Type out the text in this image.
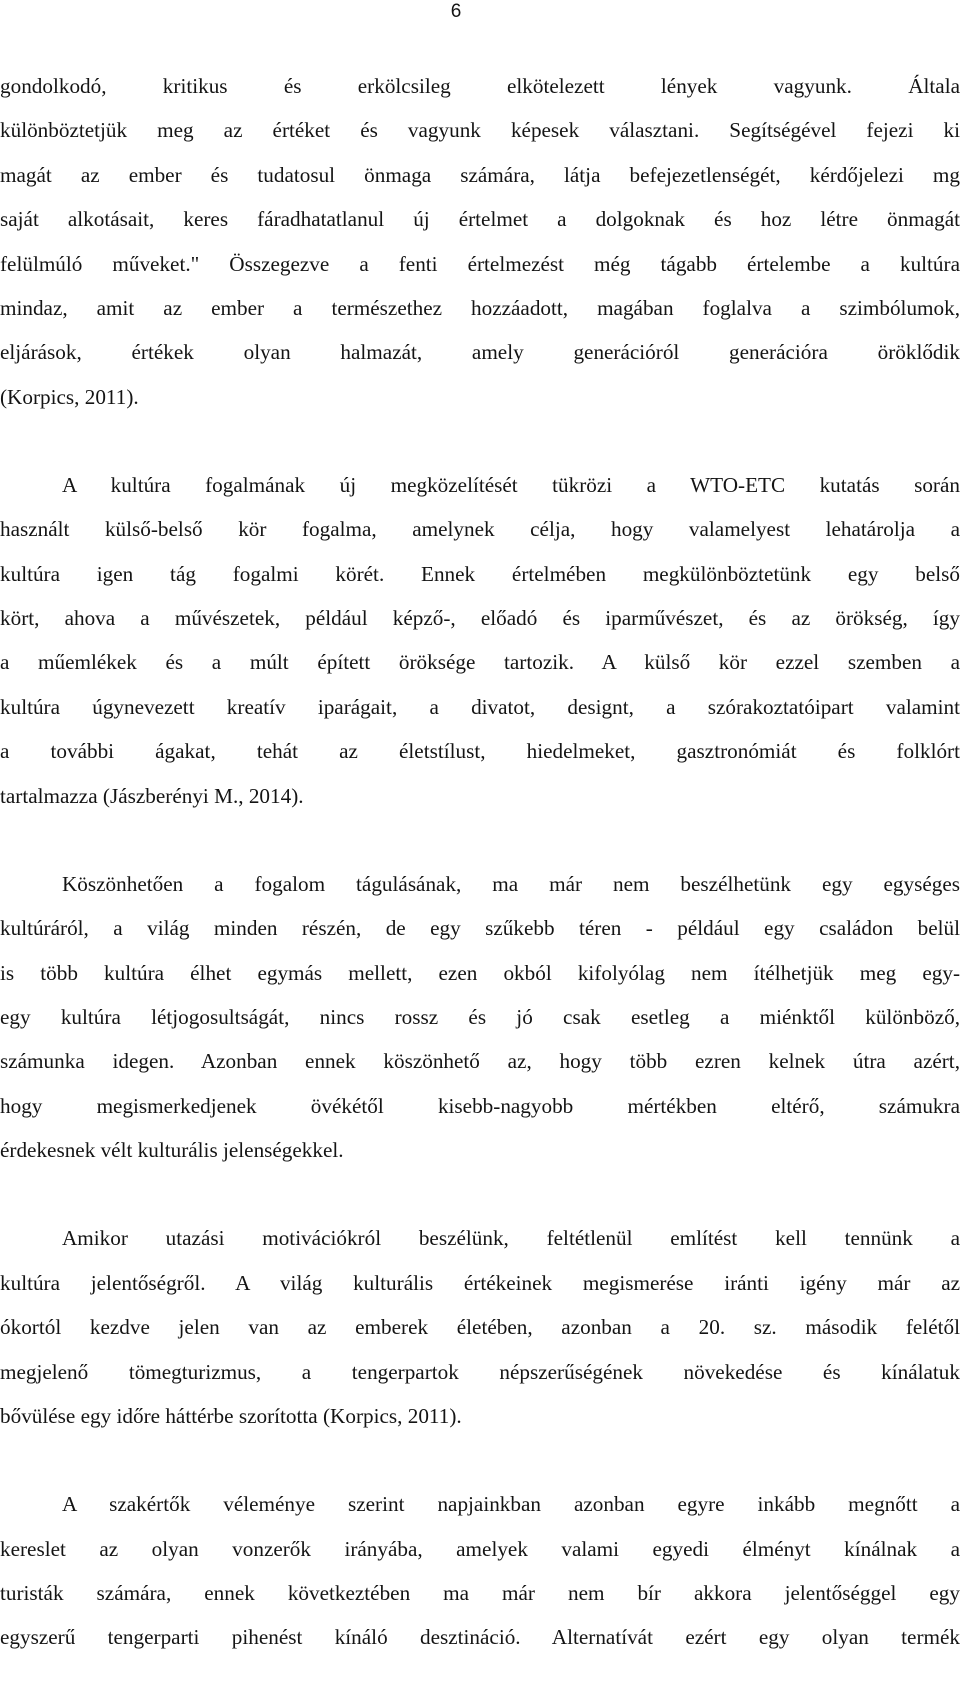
6

gondolkodó, kritikus és erkölcsileg elkötelezett lények vagyunk. Általa
különböztetjük meg az értéket és vagyunk képesek választani. Segítségével fejezi ki
magát az ember és tudatosul önmaga számára, látja befejezetlenségét, kérdőjelezi mg
saját alkotásait, keres fáradhatatlanul új értelmet a dolgoknak és hoz létre önmagát
felülmúló műveket." Összegezve a fenti értelmezést még tágabb értelembe a kultúra
mindaz, amit az ember a természethez hozzáadott, magában foglalva a szimbólumok,
eljárások, értékek olyan halmazát, amely generációról generációra öröklődik
(Korpics, 2011).

A kultúra fogalmának új megközelítését tükrözi a WTO-ETC kutatás során
használt külső-belső kör fogalma, amelynek célja, hogy valamelyest lehatárolja a
kultúra igen tág fogalmi körét. Ennek értelmében megkülönböztetünk egy belső
kört, ahova a művészetek, például képző-, előadó és iparművészet, és az örökség, így
a műemlékek és a múlt épített öröksége tartozik. A külső kör ezzel szemben a
kultúra úgynevezett kreatív iparágait, a divatot, designt, a szórakoztatóipart valamint
a további ágakat, tehát az életstílust, hiedelmeket, gasztronómiát és folklórt
tartalmazza (Jászberényi M., 2014).

Köszönhetően a fogalom tágulásának, ma már nem beszélhetünk egy egységes
kultúráról, a világ minden részén, de egy szűkebb téren - például egy családon belül
is több kultúra élhet egymás mellett, ezen okból kifolyólag nem ítélhetjük meg egy-
egy kultúra létjogosultságát, nincs rossz és jó csak esetleg a miénktől különböző,
számunka idegen. Azonban ennek köszönhető az, hogy több ezren kelnek útra azért,
hogy megismerkedjenek övékétől kisebb-nagyobb mértékben eltérő, számukra
érdekesnek vélt kulturális jelenségekkel.

Amikor utazási motivációkról beszélünk, feltétlenül említést kell tennünk a
kultúra jelentőségről. A világ kulturális értékeinek megismerése iránti igény már az
ókortól kezdve jelen van az emberek életében, azonban a 20. sz. második felétől
megjelenő tömegturizmus, a tengerpartok népszerűségének növekedése és kínálatuk
bővülése egy időre háttérbe szorította (Korpics, 2011).

A szakértők véleménye szerint napjainkban azonban egyre inkább megnőtt a
kereslet az olyan vonzerők irányába, amelyek valami egyedi élményt kínálnak a
turisták számára, ennek következtében ma már nem bír akkora jelentőséggel egy
egyszerű tengerparti pihenést kínáló desztináció. Alternatívát ezért egy olyan termék
